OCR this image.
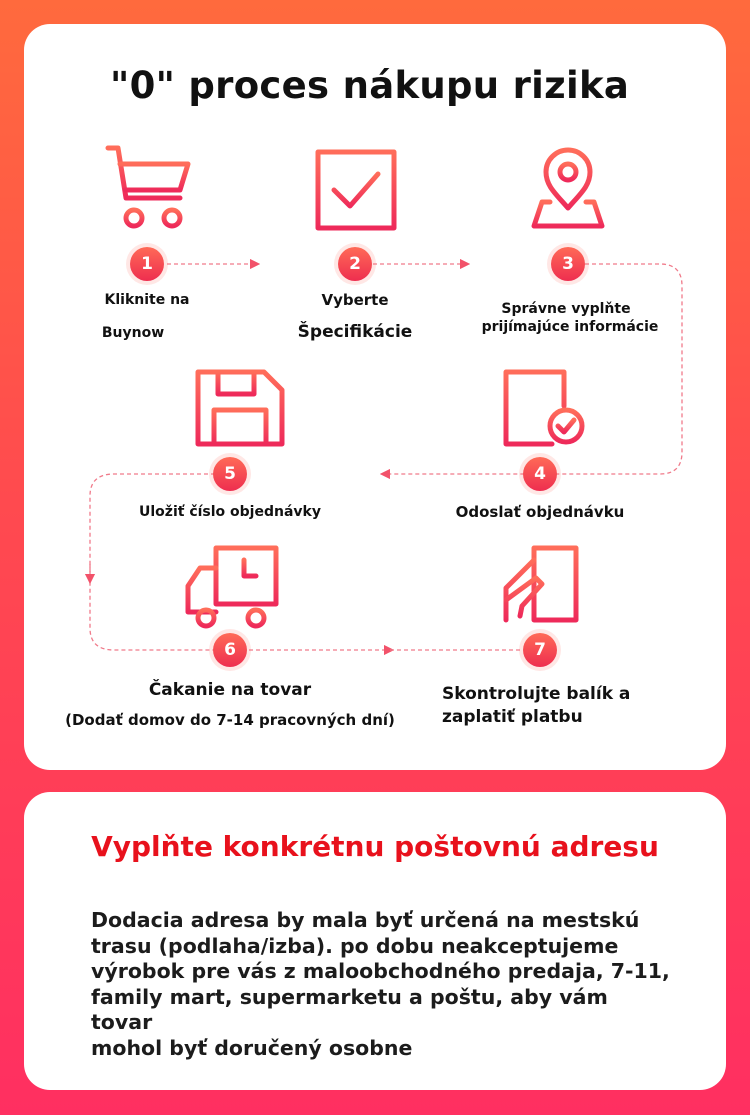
"0" proces nákupu rizika
1	2	3
4
5
6	7
Kliknite na
Buynow
Vyberte
Špecifikácie
Správne vyplňte
prijímajúce informácie
Odoslať objednávku
Uložiť číslo objednávky
Čakanie na tovar
(Dodať domov do 7-14 pracovných dní)
Skontrolujte balík a
zaplatiť platbu
Vyplňte konkrétnu poštovnú adresu

Dodacia adresa by mala byť určená na mestskú
trasu (podlaha/izba). po dobu neakceptujeme
výrobok pre vás z maloobchodného predaja, 7-11,
family mart, supermarketu a poštu, aby vám tovar
mohol byť doručený osobne
